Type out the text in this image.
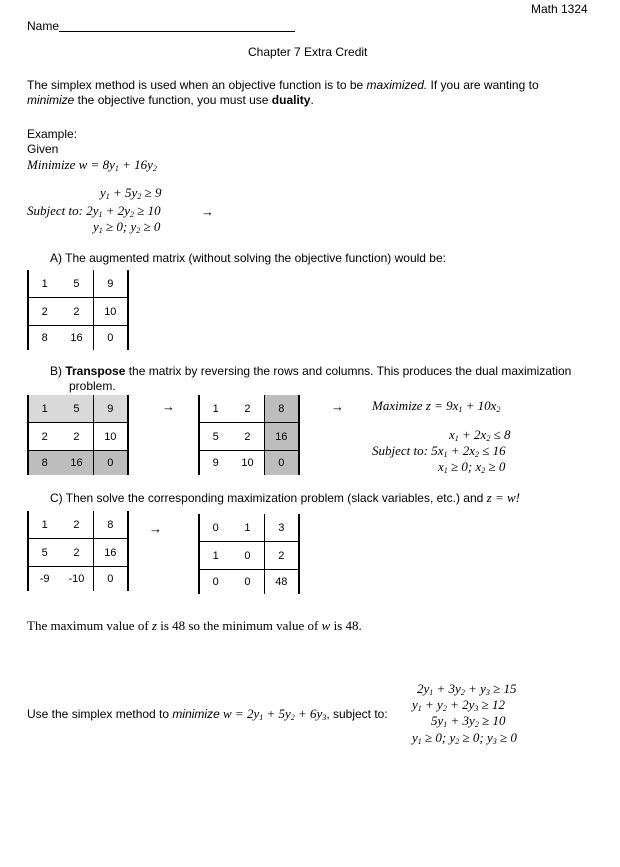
Math 1324
Name
Chapter 7 Extra Credit
The simplex method is used when an objective function is to be maximized. If you are wanting to
minimize the objective function, you must use duality.
Example:
Given
Minimize $w = 8y_1 + 16y_2$
$y_1 + 5y_2 \ge 9$
Subject to: $2y_1 + 2y_2 \ge 10$	→
$y_1 \ge 0$; $y_2 \ge 0$
A) The augmented matrix (without solving the objective function) would be:
1	5	9
2	2	10
8	16	0
B) Transpose the matrix by reversing the rows and columns. This produces the dual maximization
problem.
1	5	9
2	2	10
8	16	0
→	1	2	8
5	2	16
9	10	0
→ Maximize $z = 9x_1 + 10x_2$
$x_1 + 2x_2 \le 8$
Subject to: $5x_1 + 2x_2 \le 16$
$x_1 \ge 0$; $x_2 \ge 0$
C) Then solve the corresponding maximization problem (slack variables, etc.) and z = w!
1	2	8
5	2	16
-9	-10	0
→	0	1	3
1	0	2
0	0	48
The maximum value of z is 48 so the minimum value of w is 48.
$2y_1 + 3y_2 + y_3 \ge 15$
Use the simplex method to minimize $w = 2y_1 + 5y_2 + 6y_3$, subject to:
$y_1 + y_2 + 2y_3 \ge 12$
$5y_1 + 3y_2 \ge 10$
$y_1 \ge 0$; $y_2 \ge 0$; $y_3 \ge 0$
